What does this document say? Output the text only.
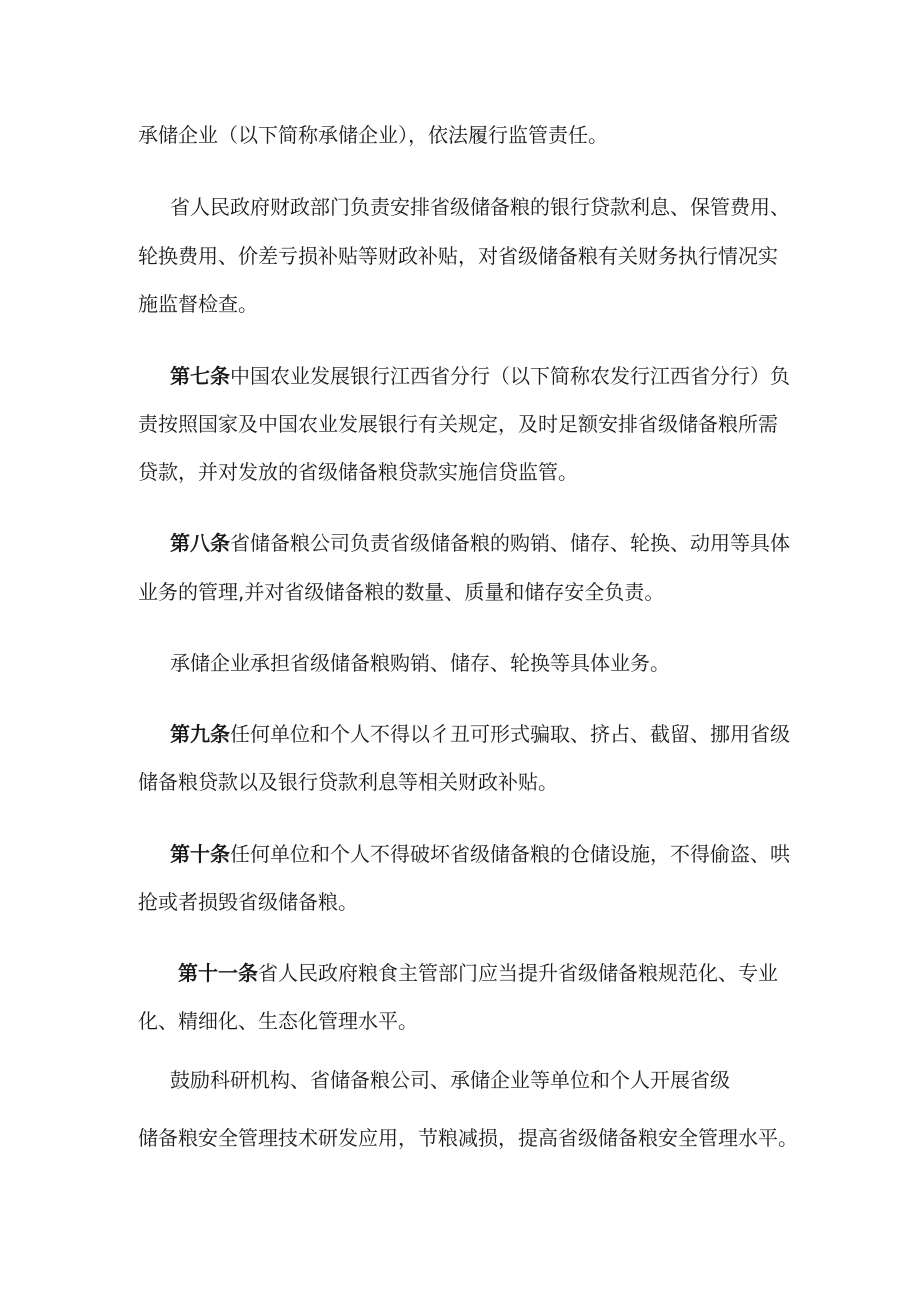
承储企业（以下简称承储企业），依法履行监管责任。
省人民政府财政部门负责安排省级储备粮的银行贷款利息、保管费用、
轮换费用、价差亏损补贴等财政补贴，对省级储备粮有关财务执行情况实
施监督检查。
第七条中国农业发展银行江西省分行（以下简称农发行江西省分行）负
责按照国家及中国农业发展银行有关规定，及时足额安排省级储备粮所需
贷款，并对发放的省级储备粮贷款实施信贷监管。
第八条省储备粮公司负责省级储备粮的购销、储存、轮换、动用等具体
业务的管理,并对省级储备粮的数量、质量和储存安全负责。
承储企业承担省级储备粮购销、储存、轮换等具体业务。
第九条任何单位和个人不得以彳丑可形式骗取、挤占、截留、挪用省级
储备粮贷款以及银行贷款利息等相关财政补贴。
第十条任何单位和个人不得破坏省级储备粮的仓储设施，不得偷盗、哄
抢或者损毁省级储备粮。
第十一条省人民政府粮食主管部门应当提升省级储备粮规范化、专业
化、精细化、生态化管理水平。
鼓励科研机构、省储备粮公司、承储企业等单位和个人开展省级
储备粮安全管理技术研发应用，节粮减损，提高省级储备粮安全管理水平。
